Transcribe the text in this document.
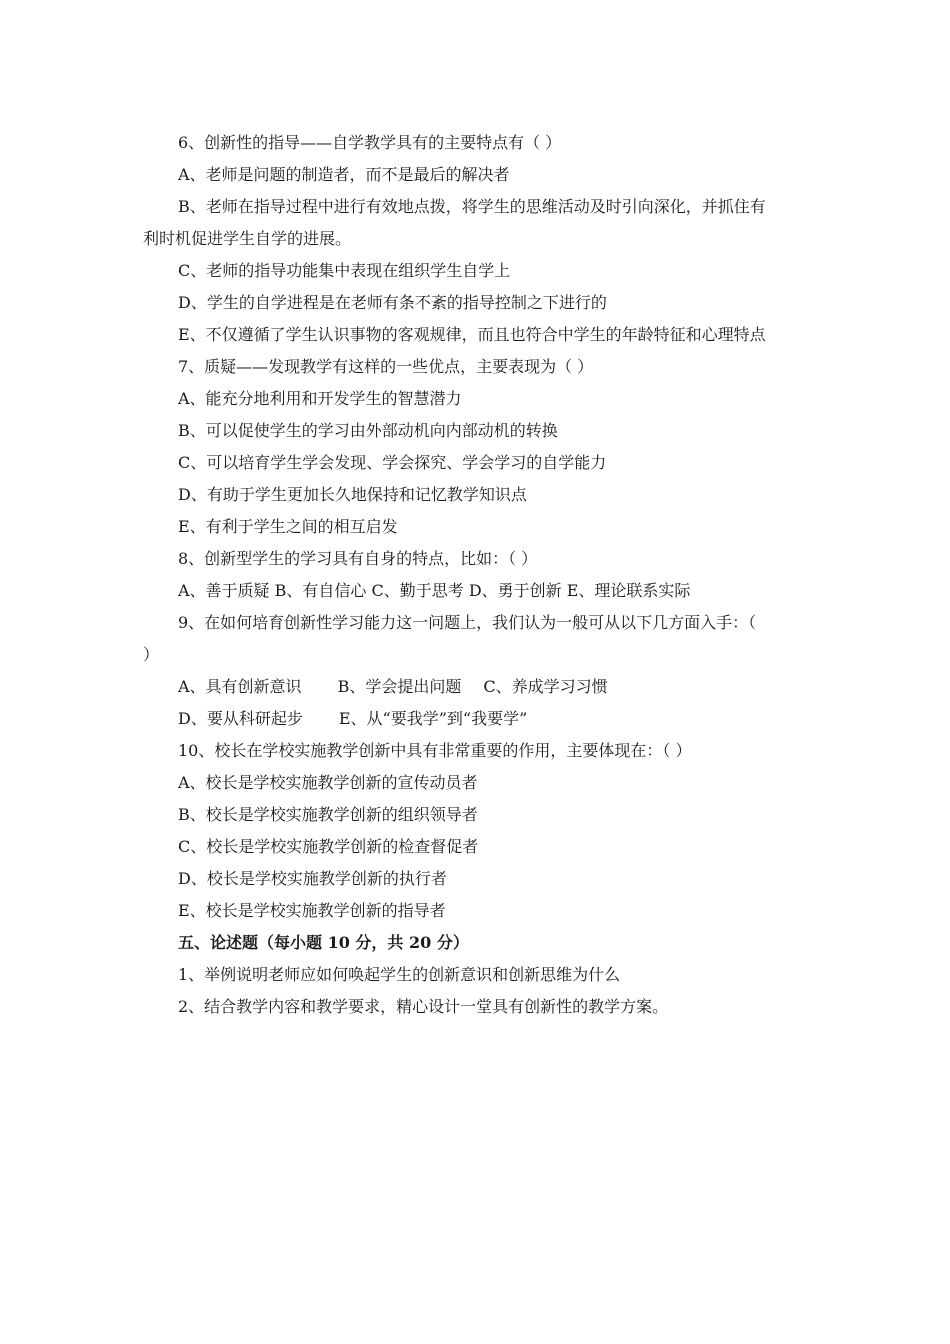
6、创新性的指导——自学教学具有的主要特点有（ ）
A、老师是问题的制造者，而不是最后的解决者
B、老师在指导过程中进行有效地点拨，将学生的思维活动及时引向深化，并抓住有
利时机促进学生自学的进展。
C、老师的指导功能集中表现在组织学生自学上
D、学生的自学进程是在老师有条不紊的指导控制之下进行的
E、不仅遵循了学生认识事物的客观规律，而且也符合中学生的年龄特征和心理特点
7、质疑——发现教学有这样的一些优点，主要表现为（ ）
A、能充分地利用和开发学生的智慧潜力
B、可以促使学生的学习由外部动机向内部动机的转换
C、可以培育学生学会发现、学会探究、学会学习的自学能力
D、有助于学生更加长久地保持和记忆教学知识点
E、有利于学生之间的相互启发
8、创新型学生的学习具有自身的特点，比如：（ ）
A、善于质疑 B、有自信心 C、勤于思考 D、勇于创新 E、理论联系实际
9、在如何培育创新性学习能力这一问题上，我们认为一般可从以下几方面入手：（
）
A、具有创新意识 B、学会提出问题 C、养成学习习惯
D、要从科研起步 E、从“要我学”到“我要学”
10、校长在学校实施教学创新中具有非常重要的作用，主要体现在：（ ）
A、校长是学校实施教学创新的宣传动员者
B、校长是学校实施教学创新的组织领导者
C、校长是学校实施教学创新的检查督促者
D、校长是学校实施教学创新的执行者
E、校长是学校实施教学创新的指导者
五、论述题（每小题 10 分，共 20 分）
1、举例说明老师应如何唤起学生的创新意识和创新思维为什么
2、结合教学内容和教学要求，精心设计一堂具有创新性的教学方案。
